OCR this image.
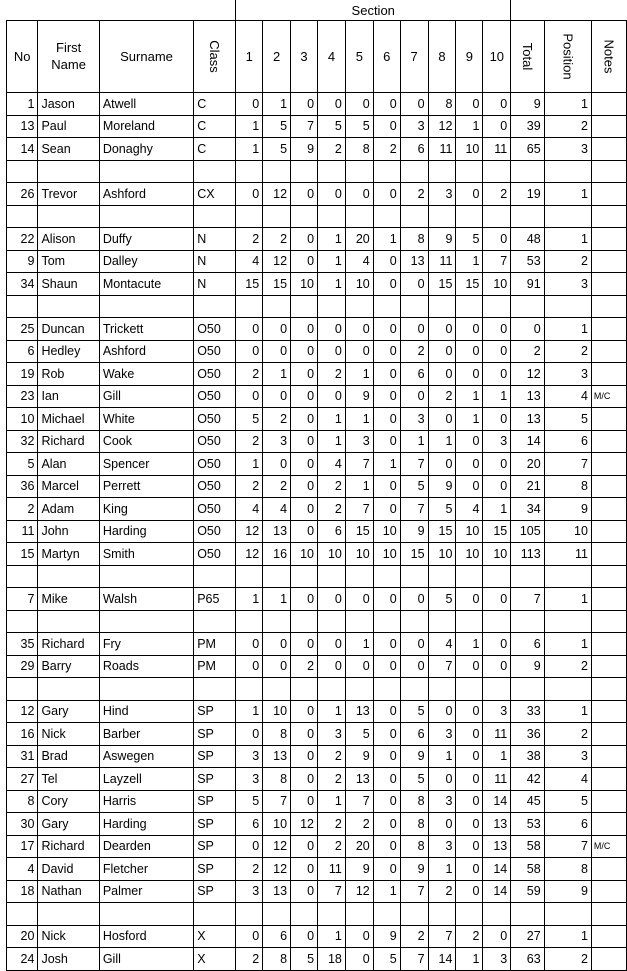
				Section												
No	First Name	Surname	Class	1	2	3	4	5	6	7	8	9	10	Total	Position	Notes
1	Jason	Atwell	C	0	1	0	0	0	0	0	8	0	0	9	1	
13	Paul	Moreland	C	1	5	7	5	5	0	3	12	1	0	39	2	
14	Sean	Donaghy	C	1	5	9	2	8	2	6	11	10	11	65	3	

26	Trevor	Ashford	CX	0	12	0	0	0	0	2	3	0	2	19	1	

22	Alison	Duffy	N	2	2	0	1	20	1	8	9	5	0	48	1	
9	Tom	Dalley	N	4	12	0	1	4	0	13	11	1	7	53	2	
34	Shaun	Montacute	N	15	15	10	1	10	0	0	15	15	10	91	3	

25	Duncan	Trickett	O50	0	0	0	0	0	0	0	0	0	0	0	1	
6	Hedley	Ashford	O50	0	0	0	0	0	0	2	0	0	0	2	2	
19	Rob	Wake	O50	2	1	0	2	1	0	6	0	0	0	12	3	
23	Ian	Gill	O50	0	0	0	0	9	0	0	2	1	1	13	4	M/C
10	Michael	White	O50	5	2	0	1	1	0	3	0	1	0	13	5	
32	Richard	Cook	O50	2	3	0	1	3	0	1	1	0	3	14	6	
5	Alan	Spencer	O50	1	0	0	4	7	1	7	0	0	0	20	7	
36	Marcel	Perrett	O50	2	2	0	2	1	0	5	9	0	0	21	8	
2	Adam	King	O50	4	4	0	2	7	0	7	5	4	1	34	9	
11	John	Harding	O50	12	13	0	6	15	10	9	15	10	15	105	10	
15	Martyn	Smith	O50	12	16	10	10	10	10	15	10	10	10	113	11	

7	Mike	Walsh	P65	1	1	0	0	0	0	0	5	0	0	7	1	

35	Richard	Fry	PM	0	0	0	0	1	0	0	4	1	0	6	1	
29	Barry	Roads	PM	0	0	2	0	0	0	0	7	0	0	9	2	

12	Gary	Hind	SP	1	10	0	1	13	0	5	0	0	3	33	1	
16	Nick	Barber	SP	0	8	0	3	5	0	6	3	0	11	36	2	
31	Brad	Aswegen	SP	3	13	0	2	9	0	9	1	0	1	38	3	
27	Tel	Layzell	SP	3	8	0	2	13	0	5	0	0	11	42	4	
8	Cory	Harris	SP	5	7	0	1	7	0	8	3	0	14	45	5	
30	Gary	Harding	SP	6	10	12	2	2	0	8	0	0	13	53	6	
17	Richard	Dearden	SP	0	12	0	2	20	0	8	3	0	13	58	7	M/C
4	David	Fletcher	SP	2	12	0	11	9	0	9	1	0	14	58	8	
18	Nathan	Palmer	SP	3	13	0	7	12	1	7	2	0	14	59	9	

20	Nick	Hosford	X	0	6	0	1	0	9	2	7	2	0	27	1	
24	Josh	Gill	X	2	8	5	18	0	5	7	14	1	3	63	2	
